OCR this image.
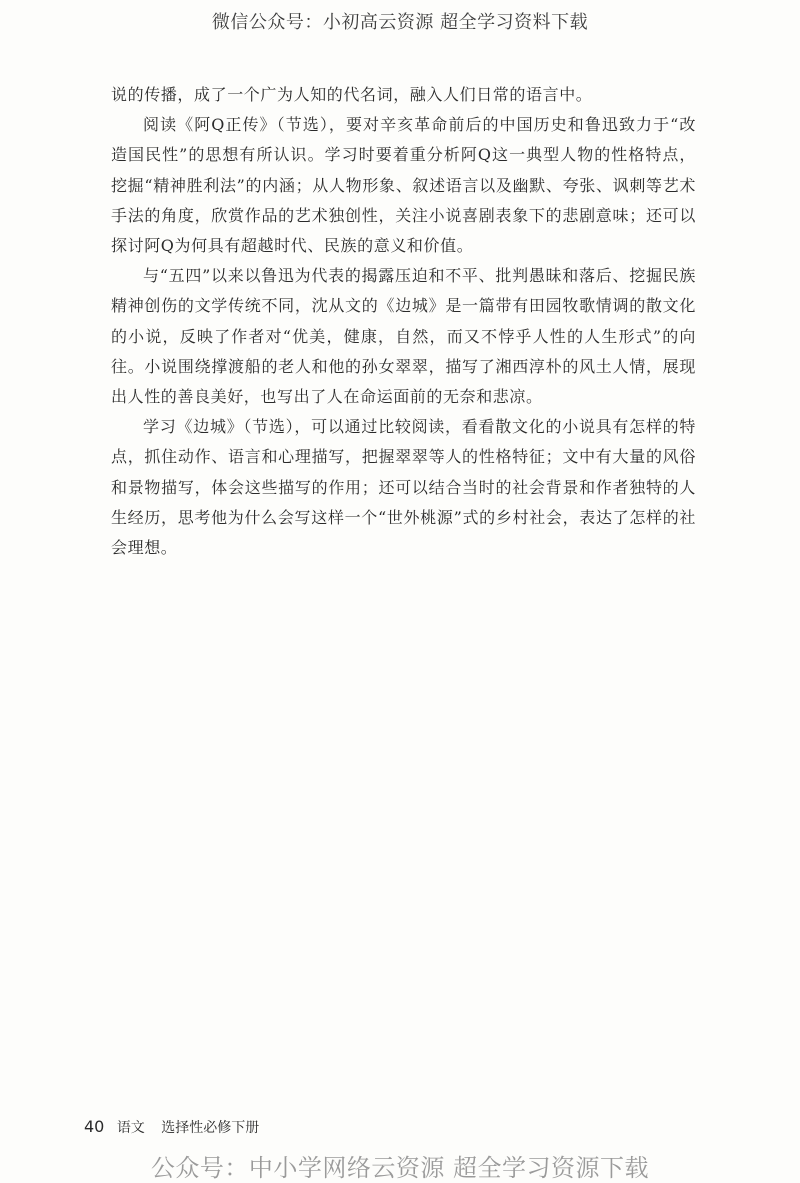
微信公众号：小初高云资源 超全学习资料下载

说的传播，成了一个广为人知的代名词，融入人们日常的语言中。

阅读《阿Q正传》（节选），要对辛亥革命前后的中国历史和鲁迅致力于“改造国民性”的思想有所认识。学习时要着重分析阿Q这一典型人物的性格特点，挖掘“精神胜利法”的内涵；从人物形象、叙述语言以及幽默、夸张、讽刺等艺术手法的角度，欣赏作品的艺术独创性，关注小说喜剧表象下的悲剧意味；还可以探讨阿Q为何具有超越时代、民族的意义和价值。

与“五四”以来以鲁迅为代表的揭露压迫和不平、批判愚昧和落后、挖掘民族精神创伤的文学传统不同，沈从文的《边城》是一篇带有田园牧歌情调的散文化的小说，反映了作者对“优美，健康，自然，而又不悖乎人性的人生形式”的向往。小说围绕撑渡船的老人和他的孙女翠翠，描写了湘西淳朴的风土人情，展现出人性的善良美好，也写出了人在命运面前的无奈和悲凉。

学习《边城》（节选），可以通过比较阅读，看看散文化的小说具有怎样的特点，抓住动作、语言和心理描写，把握翠翠等人的性格特征；文中有大量的风俗和景物描写，体会这些描写的作用；还可以结合当时的社会背景和作者独特的人生经历，思考他为什么会写这样一个“世外桃源”式的乡村社会，表达了怎样的社会理想。

40 语文 选择性必修下册
公众号：中小学网络云资源 超全学习资源下载
